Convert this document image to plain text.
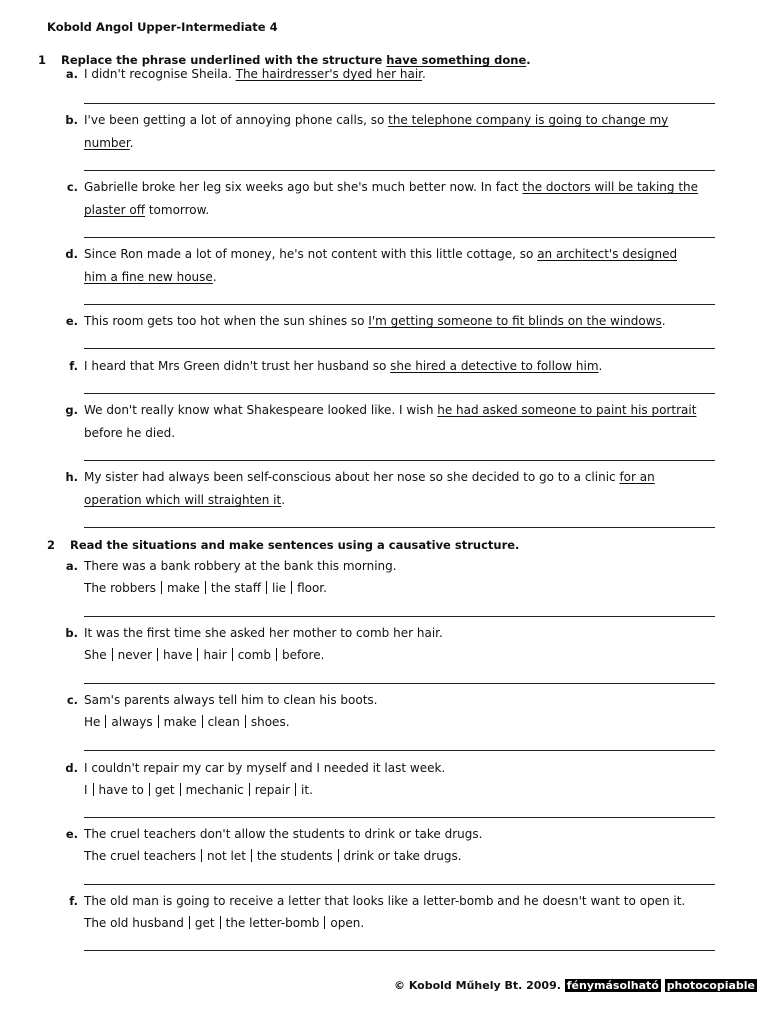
Kobold Angol Upper-Intermediate 4
1 Replace the phrase underlined with the structure have something done.
a. I didn't recognise Sheila. The hairdresser's dyed her hair.
b. I've been getting a lot of annoying phone calls, so the telephone company is going to change my
number.
c. Gabrielle broke her leg six weeks ago but she's much better now. In fact the doctors will be taking the
plaster off tomorrow.
d. Since Ron made a lot of money, he's not content with this little cottage, so an architect's designed
him a fine new house.
e. This room gets too hot when the sun shines so I'm getting someone to fit blinds on the windows.
f. I heard that Mrs Green didn't trust her husband so she hired a detective to follow him.
g. We don't really know what Shakespeare looked like. I wish he had asked someone to paint his portrait
before he died.
h. My sister had always been self-conscious about her nose so she decided to go to a clinic for an
operation which will straighten it.
2 Read the situations and make sentences using a causative structure.
a. There was a bank robbery at the bank this morning.
The robbers make the staff lie floor.
b. It was the first time she asked her mother to comb her hair.
She never have hair comb before.
c. Sam's parents always tell him to clean his boots.
He always make clean shoes.
d. I couldn't repair my car by myself and I needed it last week.
I have to get mechanic repair it.
e. The cruel teachers don't allow the students to drink or take drugs.
The cruel teachers not let the students drink or take drugs.
f. The old man is going to receive a letter that looks like a letter-bomb and he doesn't want to open it.
The old husband get the letter-bomb open.
© Kobold Műhely Bt. 2009. fénymásolható photocopiable
